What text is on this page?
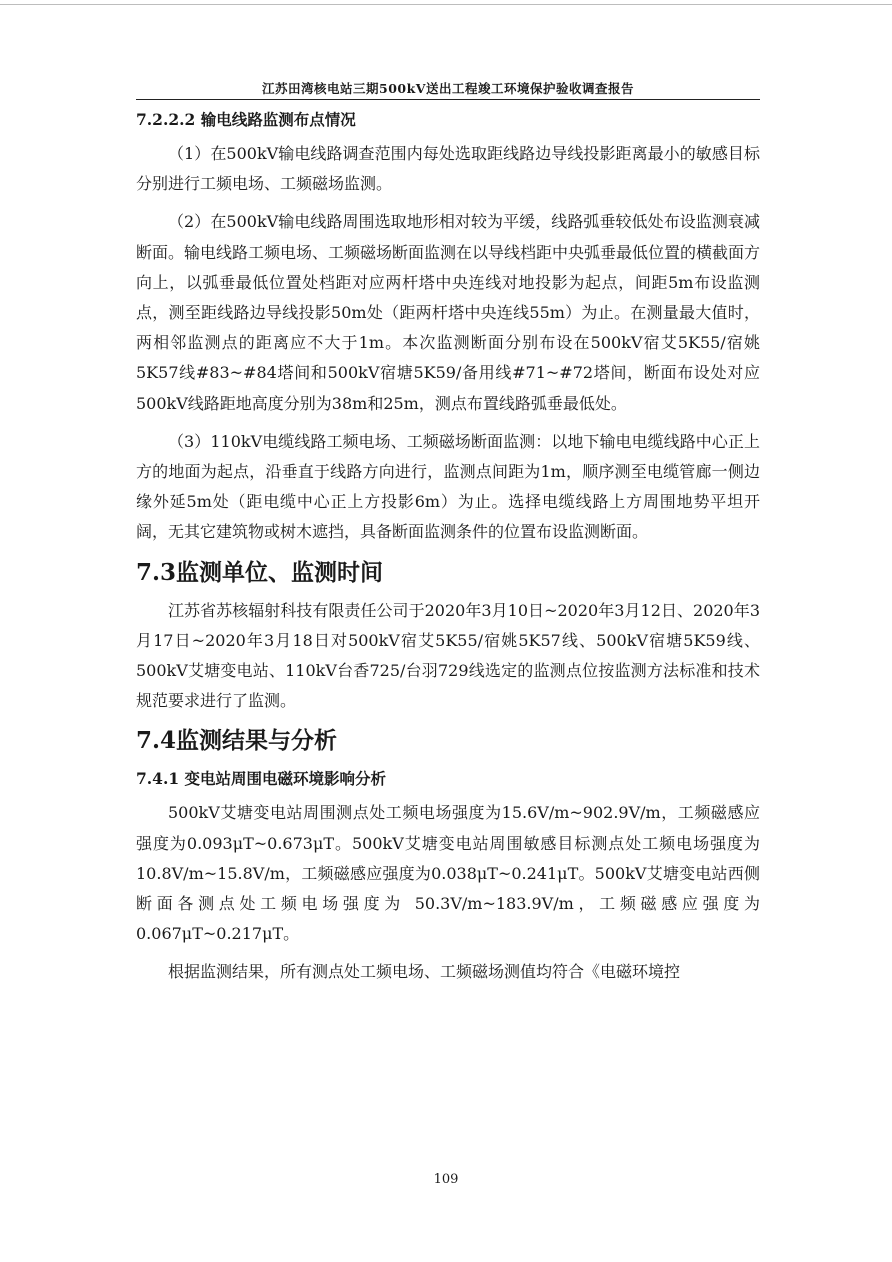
江苏田湾核电站三期500kV送出工程竣工环境保护验收调查报告

7.2.2.2 输电线路监测布点情况

（1）在500kV输电线路调查范围内每处选取距线路边导线投影距离最小的敏感目标分别进行工频电场、工频磁场监测。

（2）在500kV输电线路周围选取地形相对较为平缓，线路弧垂较低处布设监测衰减断面。输电线路工频电场、工频磁场断面监测在以导线档距中央弧垂最低位置的横截面方向上，以弧垂最低位置处档距对应两杆塔中央连线对地投影为起点，间距5m布设监测点，测至距线路边导线投影50m处（距两杆塔中央连线55m）为止。在测量最大值时，两相邻监测点的距离应不大于1m。本次监测断面分别布设在500kV宿艾5K55/宿姚5K57线#83~#84塔间和500kV宿塘5K59/备用线#71~#72塔间，断面布设处对应500kV线路距地高度分别为38m和25m，测点布置线路弧垂最低处。

（3）110kV电缆线路工频电场、工频磁场断面监测：以地下输电电缆线路中心正上方的地面为起点，沿垂直于线路方向进行，监测点间距为1m，顺序测至电缆管廊一侧边缘外延5m处（距电缆中心正上方投影6m）为止。选择电缆线路上方周围地势平坦开阔，无其它建筑物或树木遮挡，具备断面监测条件的位置布设监测断面。

7.3监测单位、监测时间

江苏省苏核辐射科技有限责任公司于2020年3月10日~2020年3月12日、2020年3月17日~2020年3月18日对500kV宿艾5K55/宿姚5K57线、500kV宿塘5K59线、500kV艾塘变电站、110kV台香725/台羽729线选定的监测点位按监测方法标准和技术规范要求进行了监测。

7.4监测结果与分析

7.4.1 变电站周围电磁环境影响分析

500kV艾塘变电站周围测点处工频电场强度为15.6V/m~902.9V/m，工频磁感应强度为0.093μT~0.673μT。500kV艾塘变电站周围敏感目标测点处工频电场强度为10.8V/m~15.8V/m，工频磁感应强度为0.038μT~0.241μT。500kV艾塘变电站西侧断面各测点处工频电场强度为 50.3V/m~183.9V/m，工频磁感应强度为0.067μT~0.217μT。

根据监测结果，所有测点处工频电场、工频磁场测值均符合《电磁环境控

109
